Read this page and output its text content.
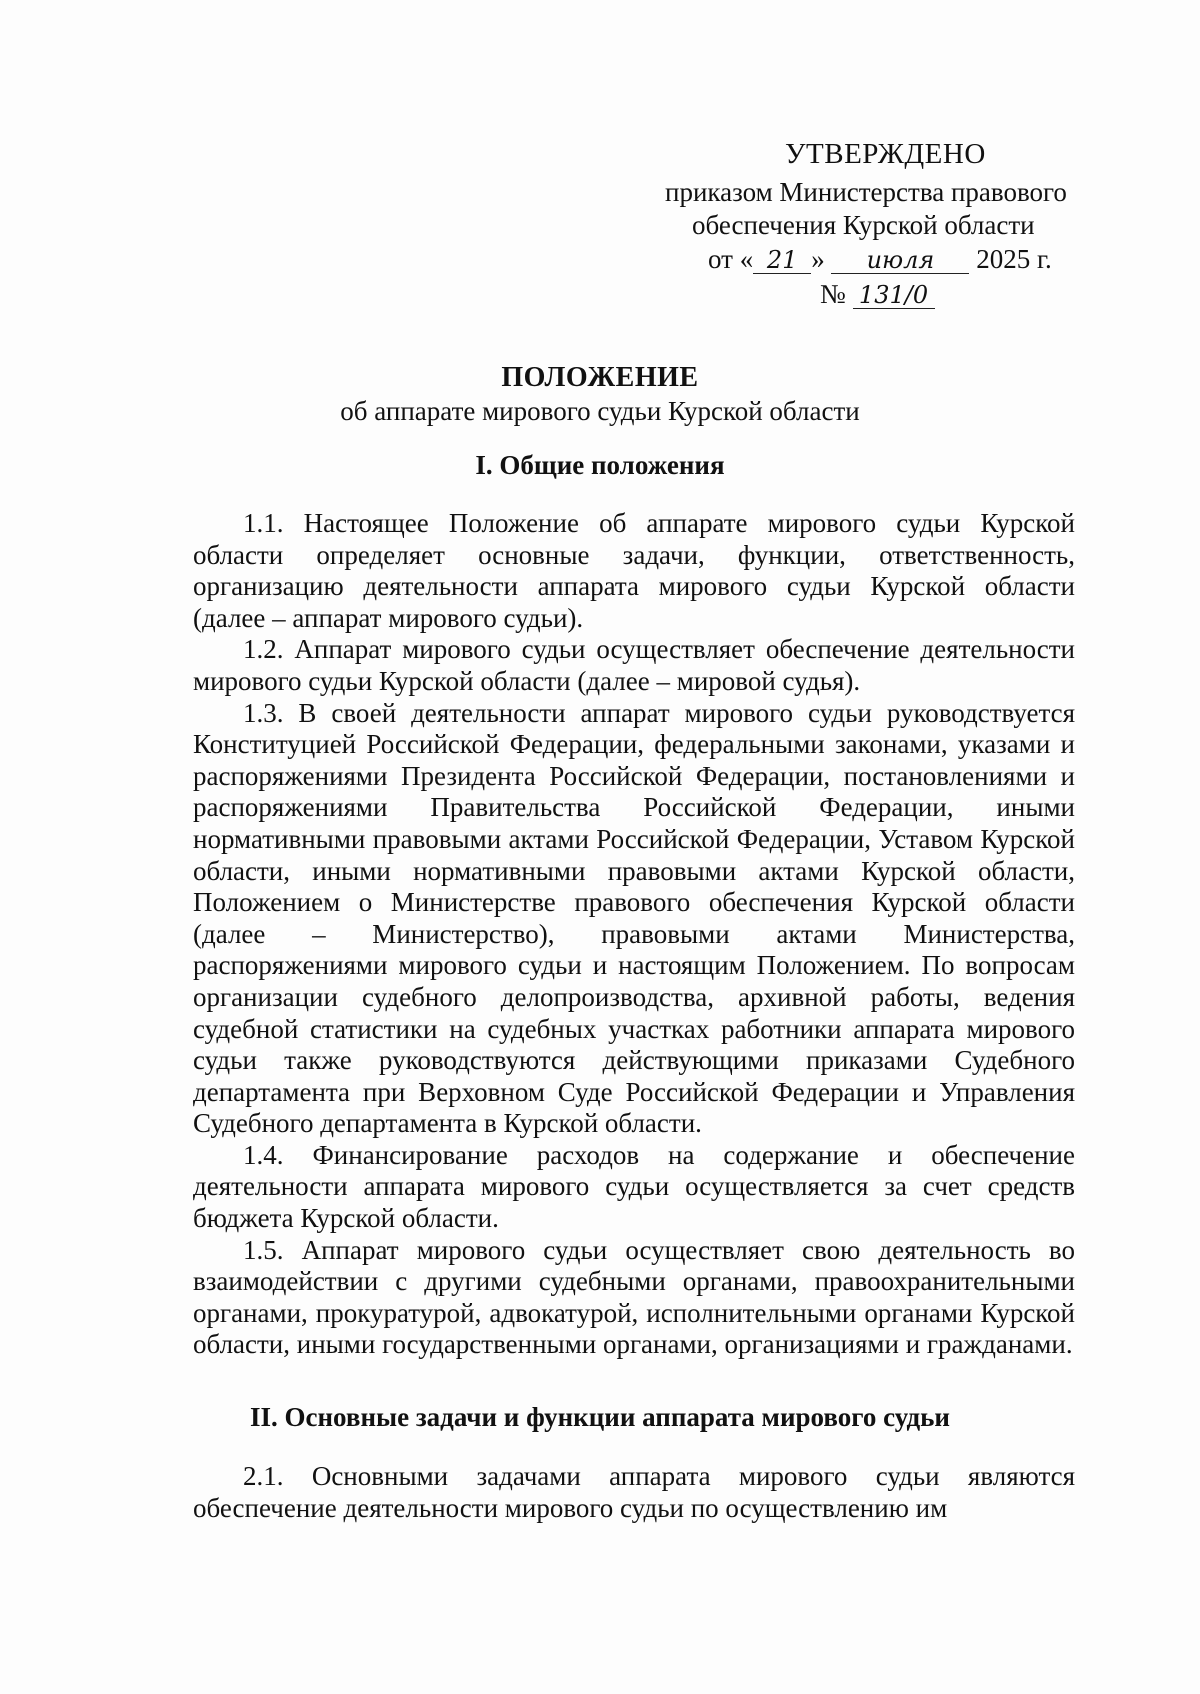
УТВЕРЖДЕНО
приказом Министерства правового
обеспечения Курской области
от « 21 » июля 2025 г.
№ 131/0
ПОЛОЖЕНИЕ
об аппарате мирового судьи Курской области
I. Общие положения

1.1. Настоящее Положение об аппарате мирового судьи Курской области определяет основные задачи, функции, ответственность, организацию деятельности аппарата мирового судьи Курской области (далее – аппарат мирового судьи).

1.2. Аппарат мирового судьи осуществляет обеспечение деятельности мирового судьи Курской области (далее – мировой судья).

1.3. В своей деятельности аппарат мирового судьи руководствуется Конституцией Российской Федерации, федеральными законами, указами и распоряжениями Президента Российской Федерации, постановлениями и распоряжениями Правительства Российской Федерации, иными нормативными правовыми актами Российской Федерации, Уставом Курской области, иными нормативными правовыми актами Курской области, Положением о Министерстве правового обеспечения Курской области (далее – Министерство), правовыми актами Министерства, распоряжениями мирового судьи и настоящим Положением. По вопросам организации судебного делопроизводства, архивной работы, ведения судебной статистики на судебных участках работники аппарата мирового судьи также руководствуются действующими приказами Судебного департамента при Верховном Суде Российской Федерации и Управления Судебного департамента в Курской области.

1.4. Финансирование расходов на содержание и обеспечение деятельности аппарата мирового судьи осуществляется за счет средств бюджета Курской области.

1.5. Аппарат мирового судьи осуществляет свою деятельность во взаимодействии с другими судебными органами, правоохранительными органами, прокуратурой, адвокатурой, исполнительными органами Курской области, иными государственными органами, организациями и гражданами.

II. Основные задачи и функции аппарата мирового судьи

2.1. Основными задачами аппарата мирового судьи являются обеспечение деятельности мирового судьи по осуществлению им
